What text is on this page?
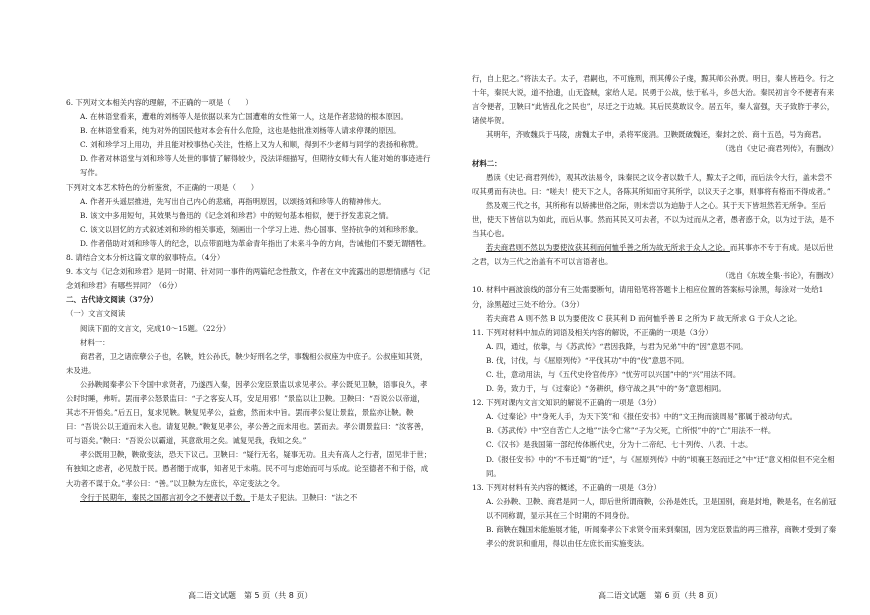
6. 下列对文本相关内容的理解，不正确的一项是（　　）

A. 在林语堂看来，遭难的刘杨等人是依据以来为亡国遭难的女性第一人，这是作者悲恸的根本原因。

B. 在林语堂看来，纯为对外的国民他对本会有什么危险，这也是他批准刘杨等人请求停课的原因。

C. 刘和珍学习上用功，并且能对校事热心关注，性格上又为人和顺，得到不少老师与同学的表扬和称赞。

D. 作者对林语堂与刘和珍等人处世的事情了解得较少，没法详细描写，但期待女师大有人能对她的事迹进行写作。

下列对文本艺术特色的分析鉴赏，不正确的一项是（　　）

A. 作者开头遥层推进，先写出自己内心的悲痛，再指明原因，以颂扬刘和珍等人的精神伟大。

B. 该文中多用短句，其效果与鲁迅的《记念刘和珍君》中的短句基本相似，便于抒发悲哀之情。

C. 该文以回忆的方式叙述刘和珍的相关事迹，刻画出一个学习上进、热心国事、坚持抗争的刘和珍形象。

D. 作者借助对刘和珍等人的纪念，以点带面地为革命青年指出了未来斗争的方向，告诫他们不要无谓牺牲。

8. 请结合文本分析这篇文章的叙事特点。（4分）

9. 本文与《记念刘和珍君》是同一时期、针对同一事件的两篇纪念性散文，作者在文中流露出的思想情感与《记念刘和珍君》有哪些异同？（6分）

二、古代诗文阅读（37分）

（一）文言文阅读

阅读下面的文言文，完成10～15题。（22分）

材料一：

商君者，卫之诸庶孽公子也，名鞅，姓公孙氏，鞅少好刑名之学，事魏相公叔座为中庶子。公叔座知其贤，未及进。

公孙鞅闻秦孝公下令国中求贤者，乃遂西入秦，因孝公宠臣景监以求见孝公。孝公既见卫鞅，语事良久，孝公时时睡，弗听。罢而孝公怒景监曰：“子之客妄人耳，安足用邪！”景监以让卫鞅。卫鞅曰：“吾说公以帝道，其志不开悟矣。”后五日，复求见鞅。鞅复见孝公，益愈，然而未中旨。罢而孝公复让景监，景监亦让鞅。鞅曰：“吾说公以王道而未入也。请复见鞅。”鞅复见孝公，孝公善之而未用也。罢而去。孝公谓景监曰：“汝客善，可与语矣。”鞅曰：“吾说公以霸道，其意欲用之矣。诚复见我，我知之矣。”

孝公既用卫鞅，鞅欲变法，恐天下议己。卫鞅曰：“疑行无名，疑事无功。且夫有高人之行者，固见非于世；有独知之虑者，必见敖于民。愚者闇于成事，知者见于未萌。民不可与虑始而可与乐成。论至德者不和于俗，成大功者不谋于众。”孝公曰：“善。”以卫鞅为左庶长，卒定变法之令。

令行于民期年，秦民之国都言初令之不便者以千数。于是太子犯法。卫鞅曰：“法之不

行，自上犯之。”将法太子。太子，君嗣也，不可施刑，刑其傅公子虔，黥其师公孙贾。明日，秦人皆趋令。行之十年，秦民大说，道不拾遗，山无盗贼，家给人足。民勇于公战，怯于私斗，乡邑大治。秦民初言令不便者有来言令便者，卫鞅曰“此皆乱化之民也”，尽迁之于边城。其后民莫敢议令。居五年，秦人富强，天子致胙于孝公，诸侯毕贺。

其明年，齐败魏兵于马陵，虏魏太子申，杀将军庞涓。卫鞅既破魏还，秦封之於、商十五邑，号为商君。

（选自《史记·商君列传》，有删改）

材料二：

愚读《史记·商君列传》，观其改法易令，诛秦民之议令者以数千人，黥太子之师，而后法令大行，盖未尝不叹其勇而有决也。曰：“嗟夫！使天下之人，各陈其所知而守其所学，以议天子之事，则事将有格而不得成者。”

然及观三代之书，其所称有以矫拂世俗之际，则未尝以为迫胁于人之心。其于天下皆坦然若无所争。至后世，使天下皆信以为如此，而后从事。然而其民又可去者，不以为过而从之者，愚者惑于众，以为过于法，是不当其心也。

若夫商君则不然以为要使汝获其利而何恤乎善之所为故无所求于众人之论。而其事亦不专于有成。是以后世之君，以为三代之治盖有不可以言语者也。

（选自《东坡全集·书论》，有删改）

10. 材料中画波浪线的部分有三处需要断句，请用铅笔将答题卡上相应位置的答案标号涂黑，每涂对一处给1分，涂黑超过三处不给分。（3分）

若夫商君 A 则不然 B 以为要使汝 C 获其利 D 而何恤乎善 E 之所为 F 故无所求 G 于众人之论。

11. 下列对材料中加点的词语及相关内容的解说，不正确的一项是（3分）

A. 四，通过，依靠，与《苏武传》“君因我降，与君为兄弟”中的“因”意思不同。

B. 伐，讨伐，与《屈原列传》“平伐其功”中的“伐”意思不同。

C. 壮，意动用法，与《五代史伶官传序》“忧劳可以兴国”中的“兴”用法不同。

D. 务，致力于，与《过秦论》“务耕织，修守战之具”中的“务”意思相同。

12. 下列对课内文言文知识的解说不正确的一项是（3分）

A.《过秦论》中“身死人手，为天下笑”和《报任安书》中的“文王拘而演周易”都属于被动句式。

B.《苏武传》中“空自苦亡人之地”“法令亡常”“子为父死，亡所恨”中的“亡”用法不一样。

C.《汉书》是我国第一部纪传体断代史，分为十二帝纪、七十列传、八表、十志。

D.《报任安书》中的“不韦迁蜀”的“迁”，与《屈原列传》中的“顷襄王怒而迁之”中“迁”意义相似但不完全相同。

13. 下列对材料有关内容的概述，不正确的一项是（3分）

A. 公孙鞅、卫鞅、商君是同一人，即后世所谓商鞅，公孙是姓氏，卫是国别，商是封地，鞅是名，在名前冠以不同称谓，显示其在三个时期的不同身份。

B. 商鞅在魏国未能施展才能，听闻秦孝公下求贤令而来到秦国，因为宠臣景监的再三推荐，商鞅才受到了秦孝公的赏识和重用，得以由任左庶长而实施变法。

高二语文试题　第 5 页（共 8 页）	高二语文试题　第 6 页（共 8 页）
